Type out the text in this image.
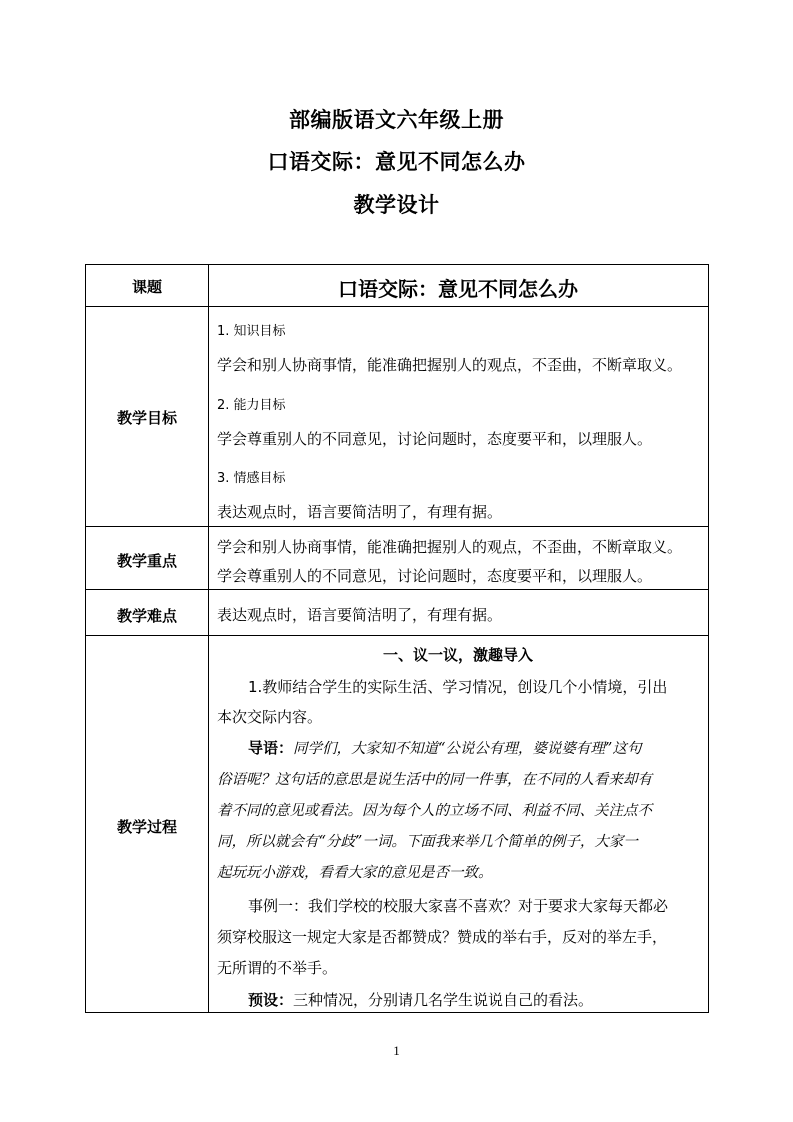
部编版语文六年级上册
口语交际：意见不同怎么办
教学设计
课题	口语交际：意见不同怎么办
教学目标
1. 知识目标
学会和别人协商事情，能准确把握别人的观点，不歪曲，不断章取义。
2. 能力目标
学会尊重别人的不同意见，讨论问题时，态度要平和，以理服人。
3. 情感目标
表达观点时，语言要简洁明了，有理有据。
教学重点
学会和别人协商事情，能准确把握别人的观点，不歪曲，不断章取义。
学会尊重别人的不同意见，讨论问题时，态度要平和，以理服人。
教学难点	表达观点时，语言要简洁明了，有理有据。
教学过程
一、议一议，激趣导入
1.教师结合学生的实际生活、学习情况，创设几个小情境，引出
本次交际内容。
导语：同学们，大家知不知道“公说公有理，婆说婆有理”这句
俗语呢？这句话的意思是说生活中的同一件事，在不同的人看来却有
着不同的意见或看法。因为每个人的立场不同、利益不同、关注点不
同，所以就会有“分歧”一词。下面我来举几个简单的例子，大家一
起玩玩小游戏，看看大家的意见是否一致。
事例一：我们学校的校服大家喜不喜欢？对于要求大家每天都必
须穿校服这一规定大家是否都赞成？赞成的举右手，反对的举左手，
无所谓的不举手。
预设：三种情况，分别请几名学生说说自己的看法。
1
